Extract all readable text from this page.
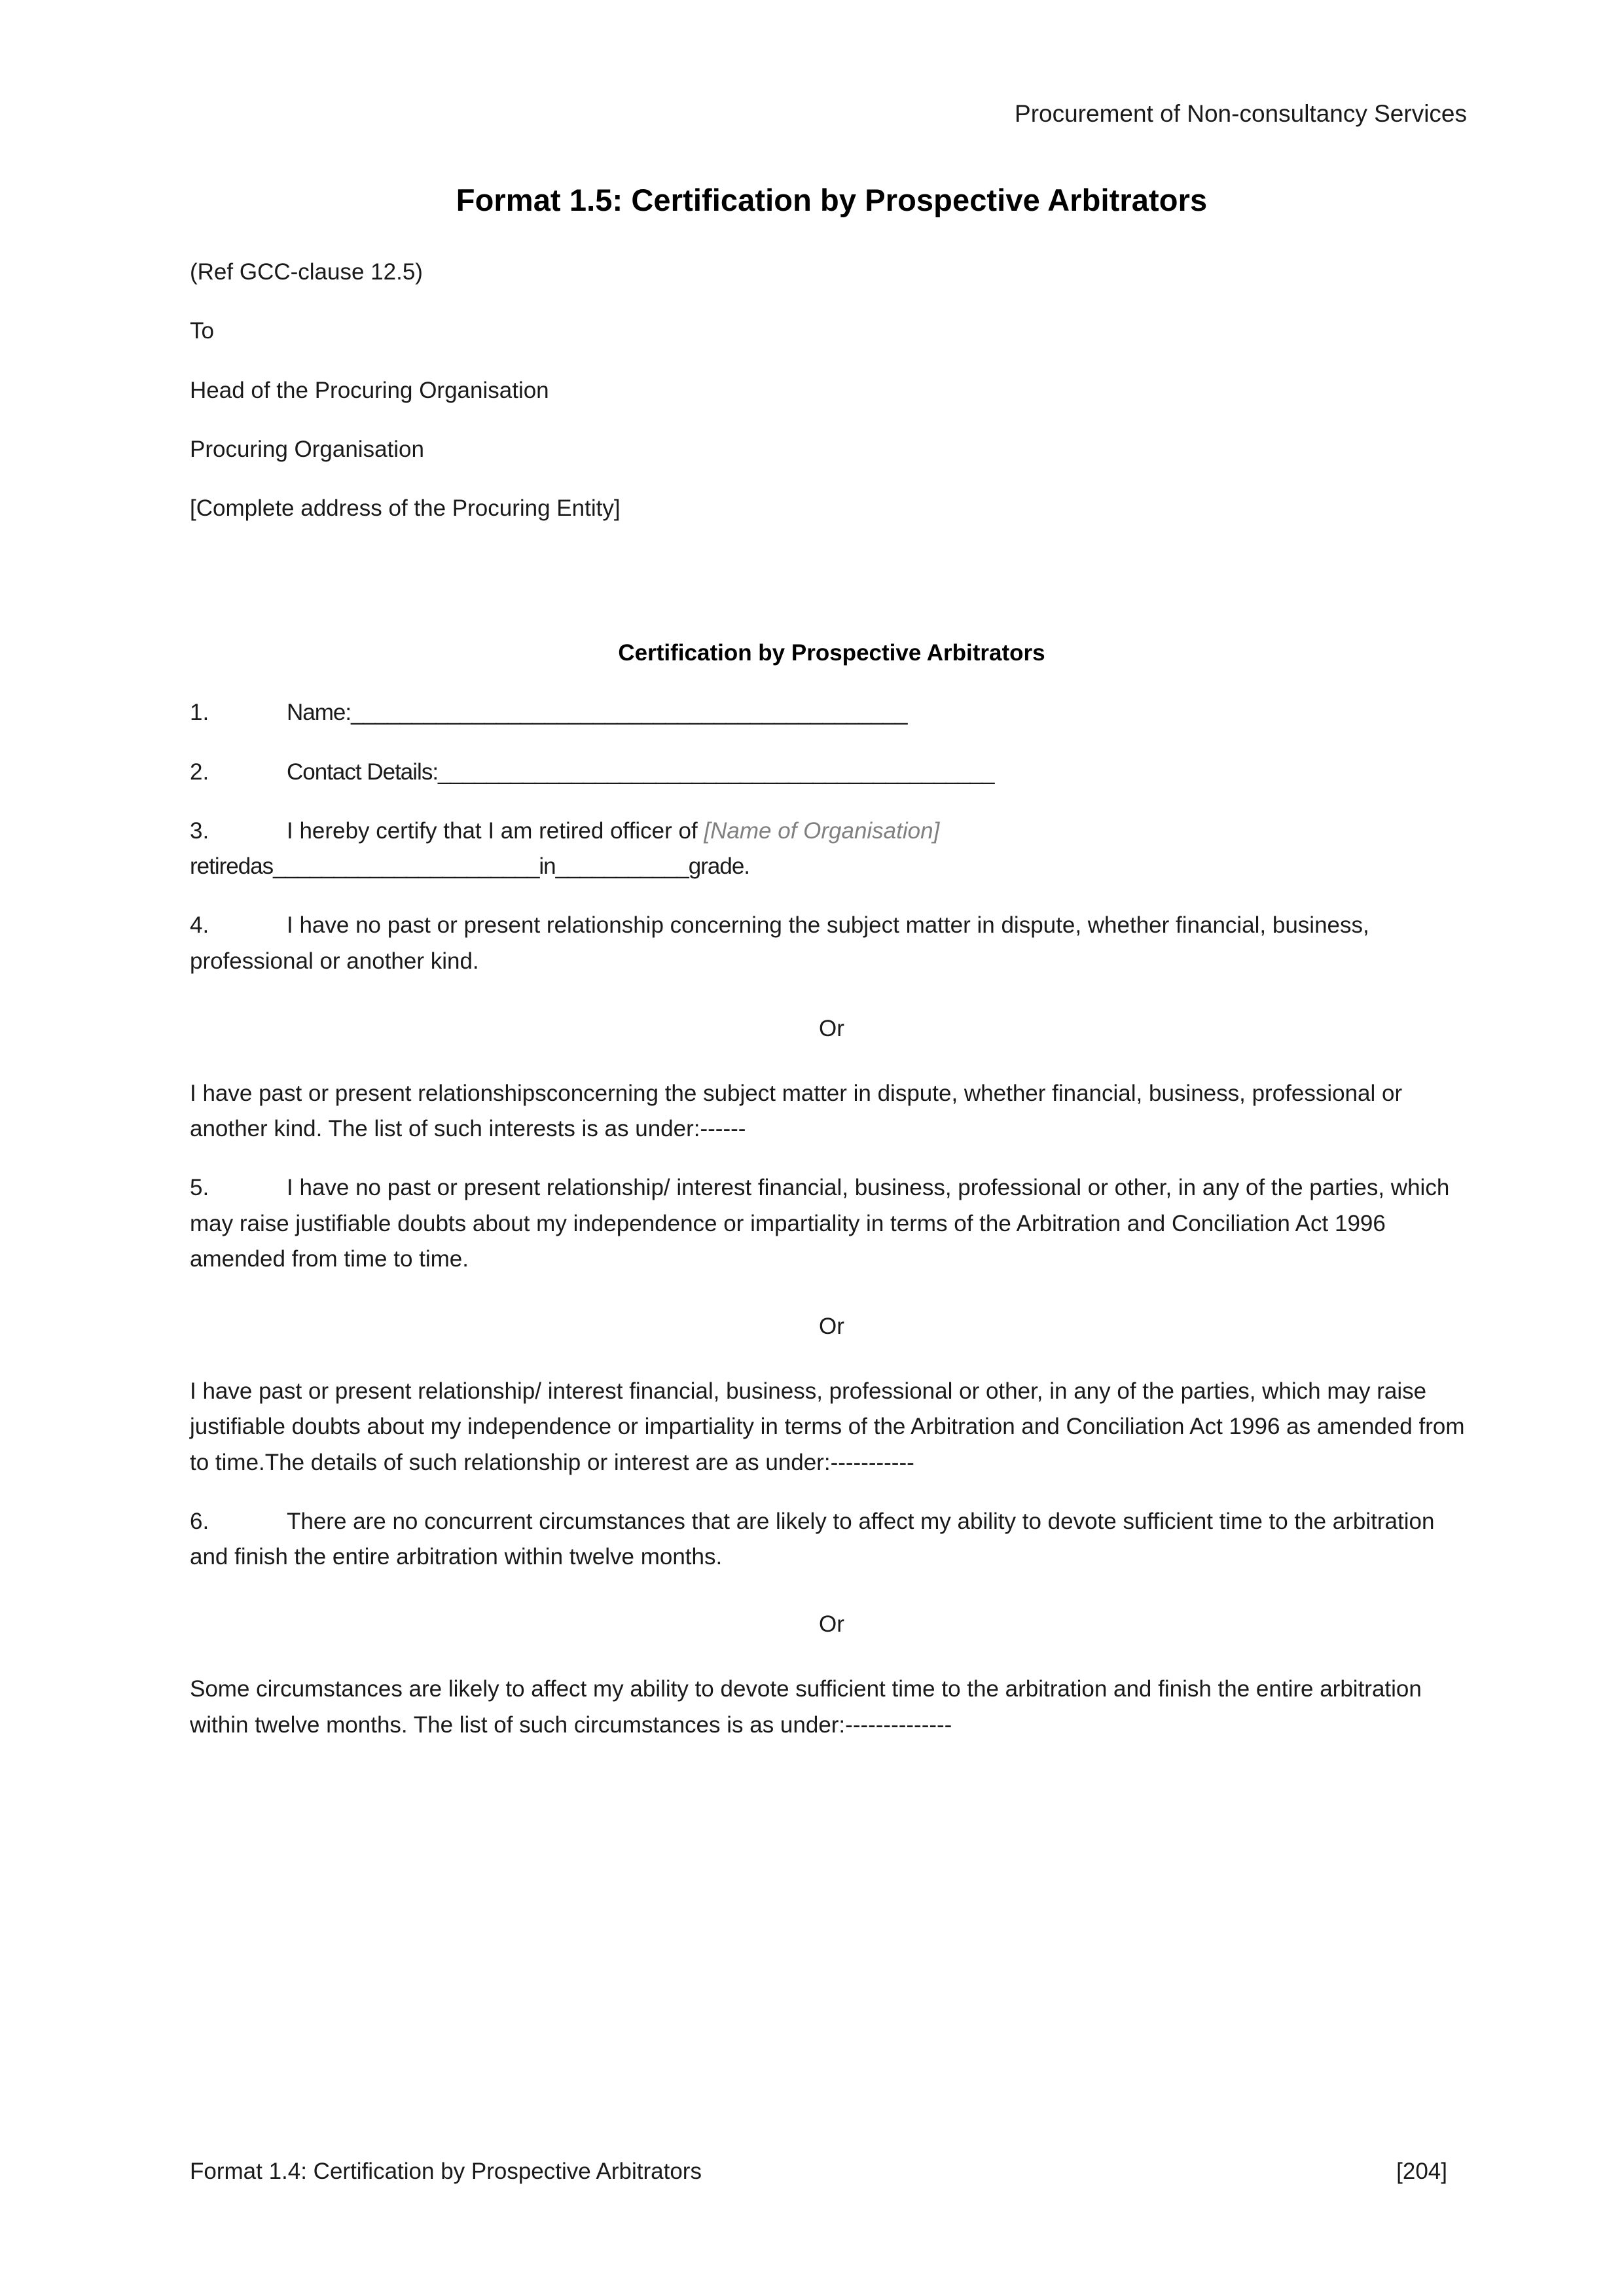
Procurement of Non-consultancy Services
Format 1.5: Certification by Prospective Arbitrators

(Ref GCC-clause 12.5)

To

Head of the Procuring Organisation

Procuring Organisation

[Complete address of the Procuring Entity]

Certification by Prospective Arbitrators

1.	Name:______________________________________________

2.	Contact Details:______________________________________________

3.	I hereby certify that I am retired officer of [Name of Organisation]
retiredas______________________in___________grade.

4.	I have no past or present relationship concerning the subject matter in dispute, whether financial, business, professional or another kind.

Or

I have past or present relationshipsconcerning the subject matter in dispute, whether financial, business, professional or another kind. The list of such interests is as under:------

5.	I have no past or present relationship/ interest financial, business, professional or other, in any of the parties, which may raise justifiable doubts about my independence or impartiality in terms of the Arbitration and Conciliation Act 1996 amended from time to time.

Or

I have past or present relationship/ interest financial, business, professional or other, in any of the parties, which may raise justifiable doubts about my independence or impartiality in terms of the Arbitration and Conciliation Act 1996 as amended from to time.The details of such relationship or interest are as under:-----------

6.	There are no concurrent circumstances that are likely to affect my ability to devote sufficient time to the arbitration and finish the entire arbitration within twelve months.

Or

Some circumstances are likely to affect my ability to devote sufficient time to the arbitration and finish the entire arbitration within twelve months. The list of such circumstances is as under:--------------

Format 1.4: Certification by Prospective Arbitrators	[204]
